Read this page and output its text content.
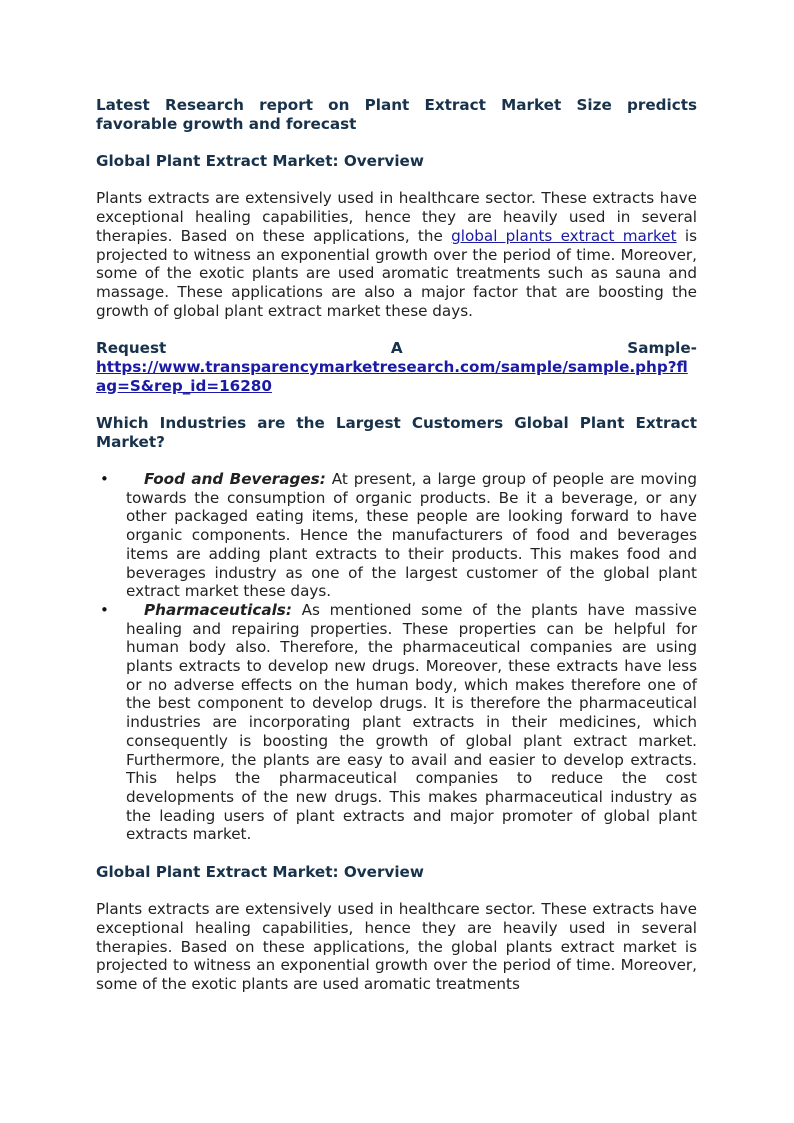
Latest Research report on Plant Extract Market Size predicts favorable growth and forecast
Global Plant Extract Market: Overview

Plants extracts are extensively used in healthcare sector. These extracts have exceptional healing capabilities, hence they are heavily used in several therapies. Based on these applications, the global plants extract market is projected to witness an exponential growth over the period of time. Moreover, some of the exotic plants are used aromatic treatments such as sauna and massage. These applications are also a major factor that are boosting the growth of global plant extract market these days.

Request	A	Sample-
https://www.transparencymarketresearch.com/sample/sample.php?flag=S&rep_id=16280
Which Industries are the Largest Customers Global Plant Extract Market?
• Food and Beverages: At present, a large group of people are moving towards the consumption of organic products. Be it a beverage, or any other packaged eating items, these people are looking forward to have organic components. Hence the manufacturers of food and beverages items are adding plant extracts to their products. This makes food and beverages industry as one of the largest customer of the global plant extract market these days.
• Pharmaceuticals: As mentioned some of the plants have massive healing and repairing properties. These properties can be helpful for human body also. Therefore, the pharmaceutical companies are using plants extracts to develop new drugs. Moreover, these extracts have less or no adverse effects on the human body, which makes therefore one of the best component to develop drugs. It is therefore the pharmaceutical industries are incorporating plant extracts in their medicines, which consequently is boosting the growth of global plant extract market. Furthermore, the plants are easy to avail and easier to develop extracts. This helps the pharmaceutical companies to reduce the cost developments of the new drugs. This makes pharmaceutical industry as the leading users of plant extracts and major promoter of global plant extracts market.
Global Plant Extract Market: Overview

Plants extracts are extensively used in healthcare sector. These extracts have exceptional healing capabilities, hence they are heavily used in several therapies. Based on these applications, the global plants extract market is projected to witness an exponential growth over the period of time. Moreover, some of the exotic plants are used aromatic treatments
